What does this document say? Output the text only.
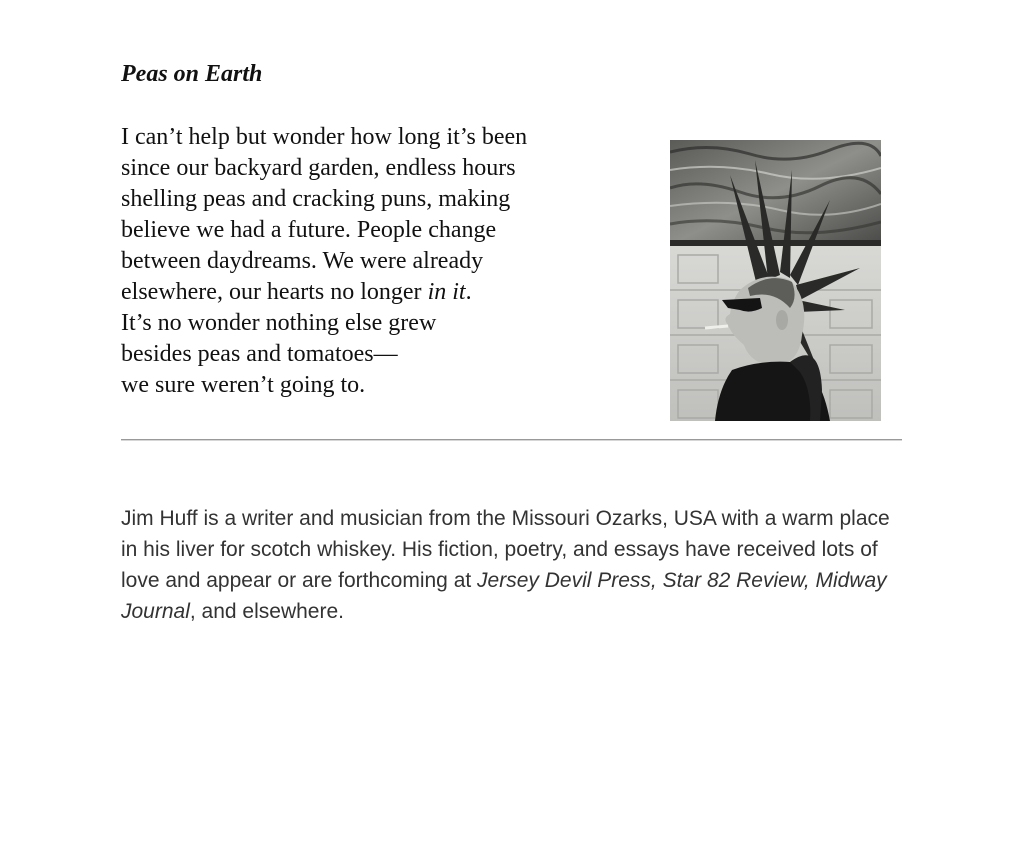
Peas on Earth

I can’t help but wonder how long it’s been
since our backyard garden, endless hours
shelling peas and cracking puns, making
believe we had a future. People change
between daydreams. We were already
elsewhere, our hearts no longer in it.
It’s no wonder nothing else grew
besides peas and tomatoes—
we sure weren’t going to.

Jim Huff is a writer and musician from the Missouri Ozarks, USA with a warm place in his liver for scotch whiskey. His fiction, poetry, and essays have received lots of love and appear or are forthcoming at Jersey Devil Press, Star 82 Review, Midway Journal, and elsewhere.
